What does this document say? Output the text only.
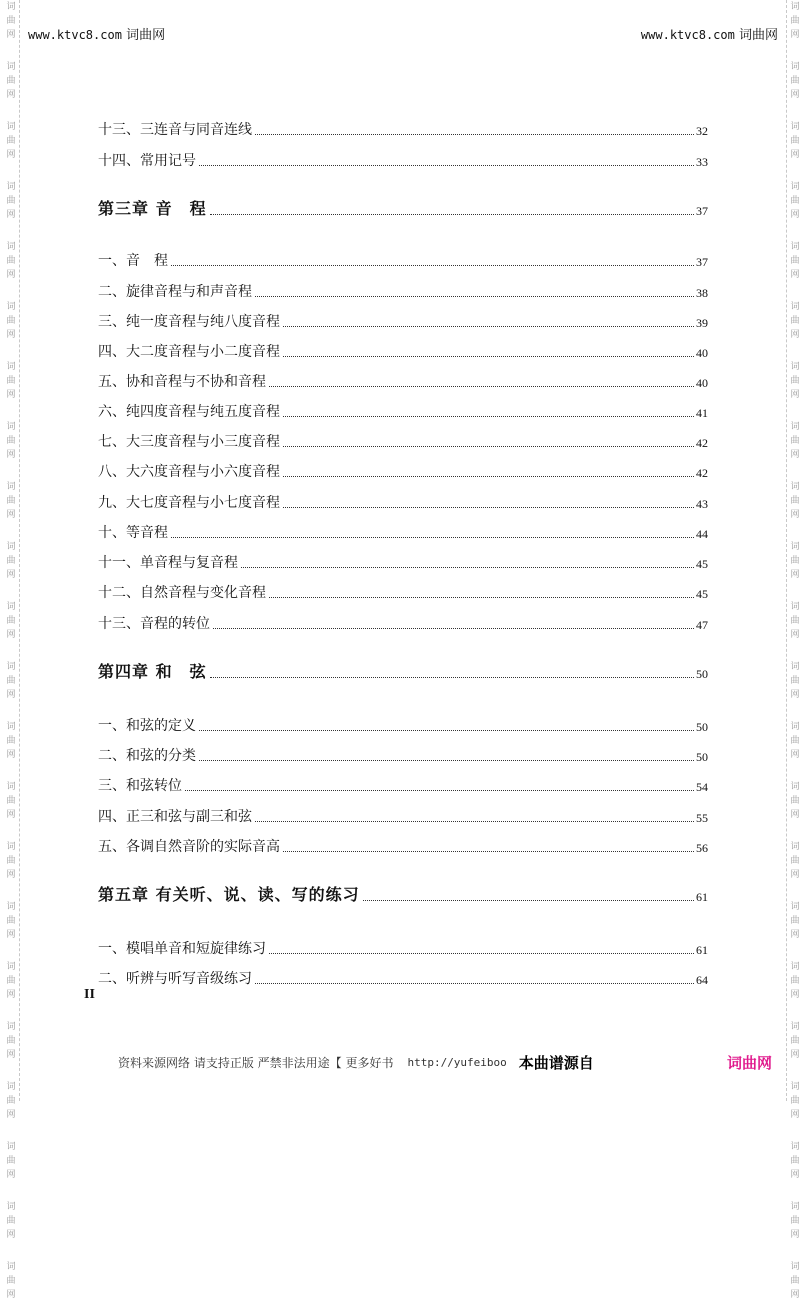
词
曲
网
词
曲
网
词
曲
网
词
曲
网
词
曲
网
词
曲
网
词
曲
网
词
曲
网
词
曲
网
词
曲
网
词
曲
网
词
曲
网
词
曲
网
词
曲
网
词
曲
网
词
曲
网
词
曲
网
词
曲
网
词
曲
网
词
曲
网
词
曲
网
词
曲
网
词
曲
网
词
曲
网
词
曲
网
词
曲
网
词
曲
网
词
曲
网
词
曲
网
词
曲
网
词
曲
网
词
曲
网
词
曲
网
词
曲
网
词
曲
网
词
曲
网
词
曲
网
词
曲
网
词
曲
网
词
曲
网
词
曲
网
词
曲
网
词
曲
网
词
曲
网
www.ktvc8.com 词曲网	www.ktvc8.com 词曲网
十三、三连音与同音连线	32
十四、常用记号	33
第三章 音　程	37
一、音　程	37
二、旋律音程与和声音程	38
三、纯一度音程与纯八度音程	39
四、大二度音程与小二度音程	40
五、协和音程与不协和音程	40
六、纯四度音程与纯五度音程	41
七、大三度音程与小三度音程	42
八、大六度音程与小六度音程	42
九、大七度音程与小七度音程	43
十、等音程	44
十一、单音程与复音程	45
十二、自然音程与变化音程	45
十三、音程的转位	47
第四章 和　弦	50
一、和弦的定义	50
二、和弦的分类	50
三、和弦转位	54
四、正三和弦与副三和弦	55
五、各调自然音阶的实际音高	56
第五章 有关听、说、读、写的练习	61
一、模唱单音和短旋律练习	61
二、听辨与听写音级练习	64
II
资料来源网络 请支持正版 严禁非法用途【 更多好书 http://yufeiboo 本曲谱源自	词曲网
